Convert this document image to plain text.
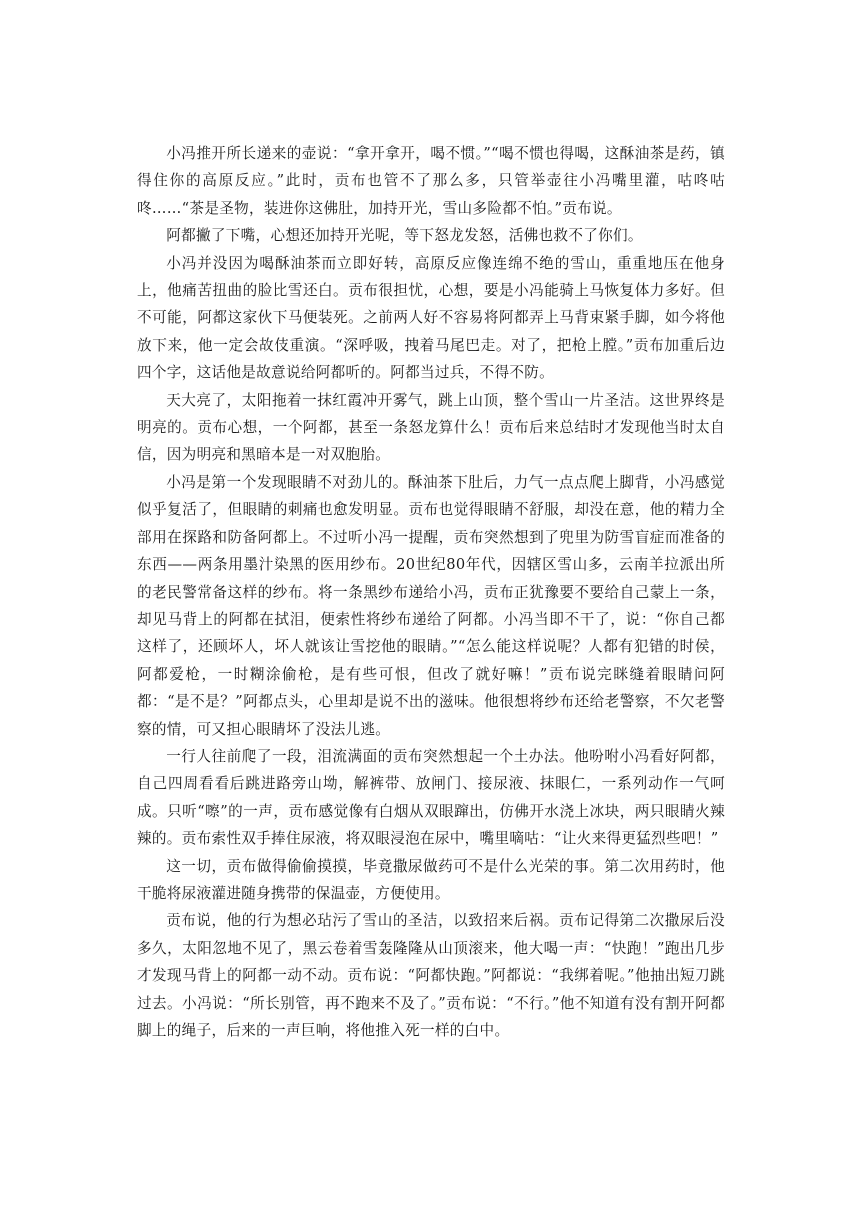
小冯推开所长递来的壶说：“拿开拿开，喝不惯。”“喝不惯也得喝，这酥油茶是药，镇得住你的高原反应。”此时，贡布也管不了那么多，只管举壶往小冯嘴里灌，咕咚咕咚……“茶是圣物，装进你这佛肚，加持开光，雪山多险都不怕。”贡布说。

阿都撇了下嘴，心想还加持开光呢，等下怒龙发怒，活佛也救不了你们。

小冯并没因为喝酥油茶而立即好转，高原反应像连绵不绝的雪山，重重地压在他身上，他痛苦扭曲的脸比雪还白。贡布很担忧，心想，要是小冯能骑上马恢复体力多好。但不可能，阿都这家伙下马便装死。之前两人好不容易将阿都弄上马背束紧手脚，如今将他放下来，他一定会故伎重演。“深呼吸，拽着马尾巴走。对了，把枪上膛。”贡布加重后边四个字，这话他是故意说给阿都听的。阿都当过兵，不得不防。

天大亮了，太阳拖着一抹红霞冲开雾气，跳上山顶，整个雪山一片圣洁。这世界终是明亮的。贡布心想，一个阿都，甚至一条怒龙算什么！贡布后来总结时才发现他当时太自信，因为明亮和黑暗本是一对双胞胎。

小冯是第一个发现眼睛不对劲儿的。酥油茶下肚后，力气一点点爬上脚背，小冯感觉似乎复活了，但眼睛的刺痛也愈发明显。贡布也觉得眼睛不舒服，却没在意，他的精力全部用在探路和防备阿都上。不过听小冯一提醒，贡布突然想到了兜里为防雪盲症而准备的东西——两条用墨汁染黑的医用纱布。20世纪80年代，因辖区雪山多，云南羊拉派出所的老民警常备这样的纱布。将一条黑纱布递给小冯，贡布正犹豫要不要给自己蒙上一条，却见马背上的阿都在拭泪，便索性将纱布递给了阿都。小冯当即不干了，说：“你自己都这样了，还顾坏人，坏人就该让雪挖他的眼睛。”“怎么能这样说呢？人都有犯错的时侯，阿都爱枪，一时糊涂偷枪，是有些可恨，但改了就好嘛！”贡布说完眯缝着眼睛问阿都：“是不是？”阿都点头，心里却是说不出的滋味。他很想将纱布还给老警察，不欠老警察的情，可又担心眼睛坏了没法儿逃。

一行人往前爬了一段，泪流满面的贡布突然想起一个土办法。他吩咐小冯看好阿都，自己四周看看后跳进路旁山坳，解裤带、放闸门、接尿液、抹眼仁，一系列动作一气呵成。只听“嚓”的一声，贡布感觉像有白烟从双眼蹿出，仿佛开水浇上冰块，两只眼睛火辣辣的。贡布索性双手捧住尿液，将双眼浸泡在尿中，嘴里嘀咕：“让火来得更猛烈些吧！”

这一切，贡布做得偷偷摸摸，毕竟撒尿做药可不是什么光荣的事。第二次用药时，他干脆将尿液灌进随身携带的保温壶，方便使用。

贡布说，他的行为想必玷污了雪山的圣洁，以致招来后祸。贡布记得第二次撒尿后没多久，太阳忽地不见了，黑云卷着雪轰隆隆从山顶滚来，他大喝一声：“快跑！”跑出几步才发现马背上的阿都一动不动。贡布说：“阿都快跑。”阿都说：“我绑着呢。”他抽出短刀跳过去。小冯说：“所长别管，再不跑来不及了。”贡布说：“不行。”他不知道有没有割开阿都脚上的绳子，后来的一声巨响，将他推入死一样的白中。
